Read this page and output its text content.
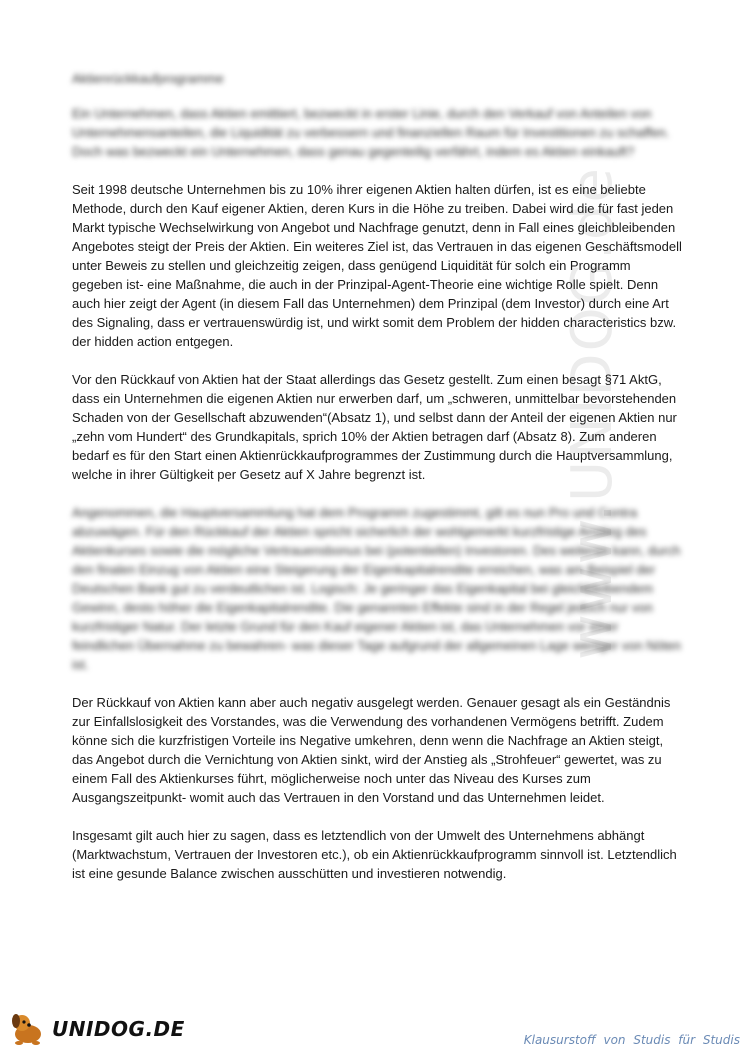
www.UNIDOG.de
Aktienrückkaufprogramme

Ein Unternehmen, dass Aktien emittiert, bezweckt in erster Linie, durch den Verkauf von Anteilen von Unternehmensanteilen, die Liquidität zu verbessern und finanziellen Raum für Investitionen zu schaffen. Doch was bezweckt ein Unternehmen, dass genau gegenteilig verfährt, indem es Aktien einkauft?

Seit 1998 deutsche Unternehmen bis zu 10% ihrer eigenen Aktien halten dürfen, ist es eine beliebte Methode, durch den Kauf eigener Aktien, deren Kurs in die Höhe zu treiben. Dabei wird die für fast jeden Markt typische Wechselwirkung von Angebot und Nachfrage genutzt, denn in Fall eines gleichbleibenden Angebotes steigt der Preis der Aktien. Ein weiteres Ziel ist, das Vertrauen in das eigenen Geschäftsmodell unter Beweis zu stellen und gleichzeitig zeigen, dass genügend Liquidität für solch ein Programm gegeben ist- eine Maßnahme, die auch in der Prinzipal-Agent-Theorie eine wichtige Rolle spielt. Denn auch hier zeigt der Agent (in diesem Fall das Unternehmen) dem Prinzipal (dem Investor) durch eine Art des Signaling, dass er vertrauenswürdig ist, und wirkt somit dem Problem der hidden characteristics bzw. der hidden action entgegen.

Vor den Rückkauf von Aktien hat der Staat allerdings das Gesetz gestellt. Zum einen besagt §71 AktG, dass ein Unternehmen die eigenen Aktien nur erwerben darf, um „schweren, unmittelbar bevorstehenden Schaden von der Gesellschaft abzuwenden“(Absatz 1), und selbst dann der Anteil der eigenen Aktien nur „zehn vom Hundert“ des Grundkapitals, sprich 10% der Aktien betragen darf (Absatz 8). Zum anderen bedarf es für den Start einen Aktienrückkaufprogrammes der Zustimmung durch die Hauptversammlung, welche in ihrer Gültigkeit per Gesetz auf X Jahre begrenzt ist.

Angenommen, die Hauptversammlung hat dem Programm zugestimmt, gilt es nun Pro und Contra abzuwägen. Für den Rückkauf der Aktien spricht sicherlich der wohlgemerkt kurzfristige Anstieg des Aktienkurses sowie die mögliche Vertrauensbonus bei (potentiellen) Investoren. Des weiteren kann, durch den finalen Einzug von Aktien eine Steigerung der Eigenkapitalrendite erreichen, was am Beispiel der Deutschen Bank gut zu verdeutlichen ist. Logisch: Je geringer das Eigenkapital bei gleichbleibendem Gewinn, desto höher die Eigenkapitalrendite. Die genannten Effekte sind in der Regel jedoch nur von kurzfristiger Natur. Der letzte Grund für den Kauf eigener Aktien ist, das Unternehmen vor einer feindlichen Übernahme zu bewahren- was dieser Tage aufgrund der allgemeinen Lage weniger von Nöten ist.

Der Rückkauf von Aktien kann aber auch negativ ausgelegt werden. Genauer gesagt als ein Geständnis zur Einfallslosigkeit des Vorstandes, was die Verwendung des vorhandenen Vermögens betrifft. Zudem könne sich die kurzfristigen Vorteile ins Negative umkehren, denn wenn die Nachfrage an Aktien steigt, das Angebot durch die Vernichtung von Aktien sinkt, wird der Anstieg als „Strohfeuer“ gewertet, was zu einem Fall des Aktienkurses führt, möglicherweise noch unter das Niveau des Kurses zum Ausgangszeitpunkt- womit auch das Vertrauen in den Vorstand und das Unternehmen leidet.

Insgesamt gilt auch hier zu sagen, dass es letztendlich von der Umwelt des Unternehmens abhängt (Marktwachstum, Vertrauen der Investoren etc.), ob ein Aktienrückkaufprogramm sinnvoll ist. Letztendlich ist eine gesunde Balance zwischen ausschütten und investieren notwendig.

UNIDOG.DE	Klausurstoff von Studis für Studis
